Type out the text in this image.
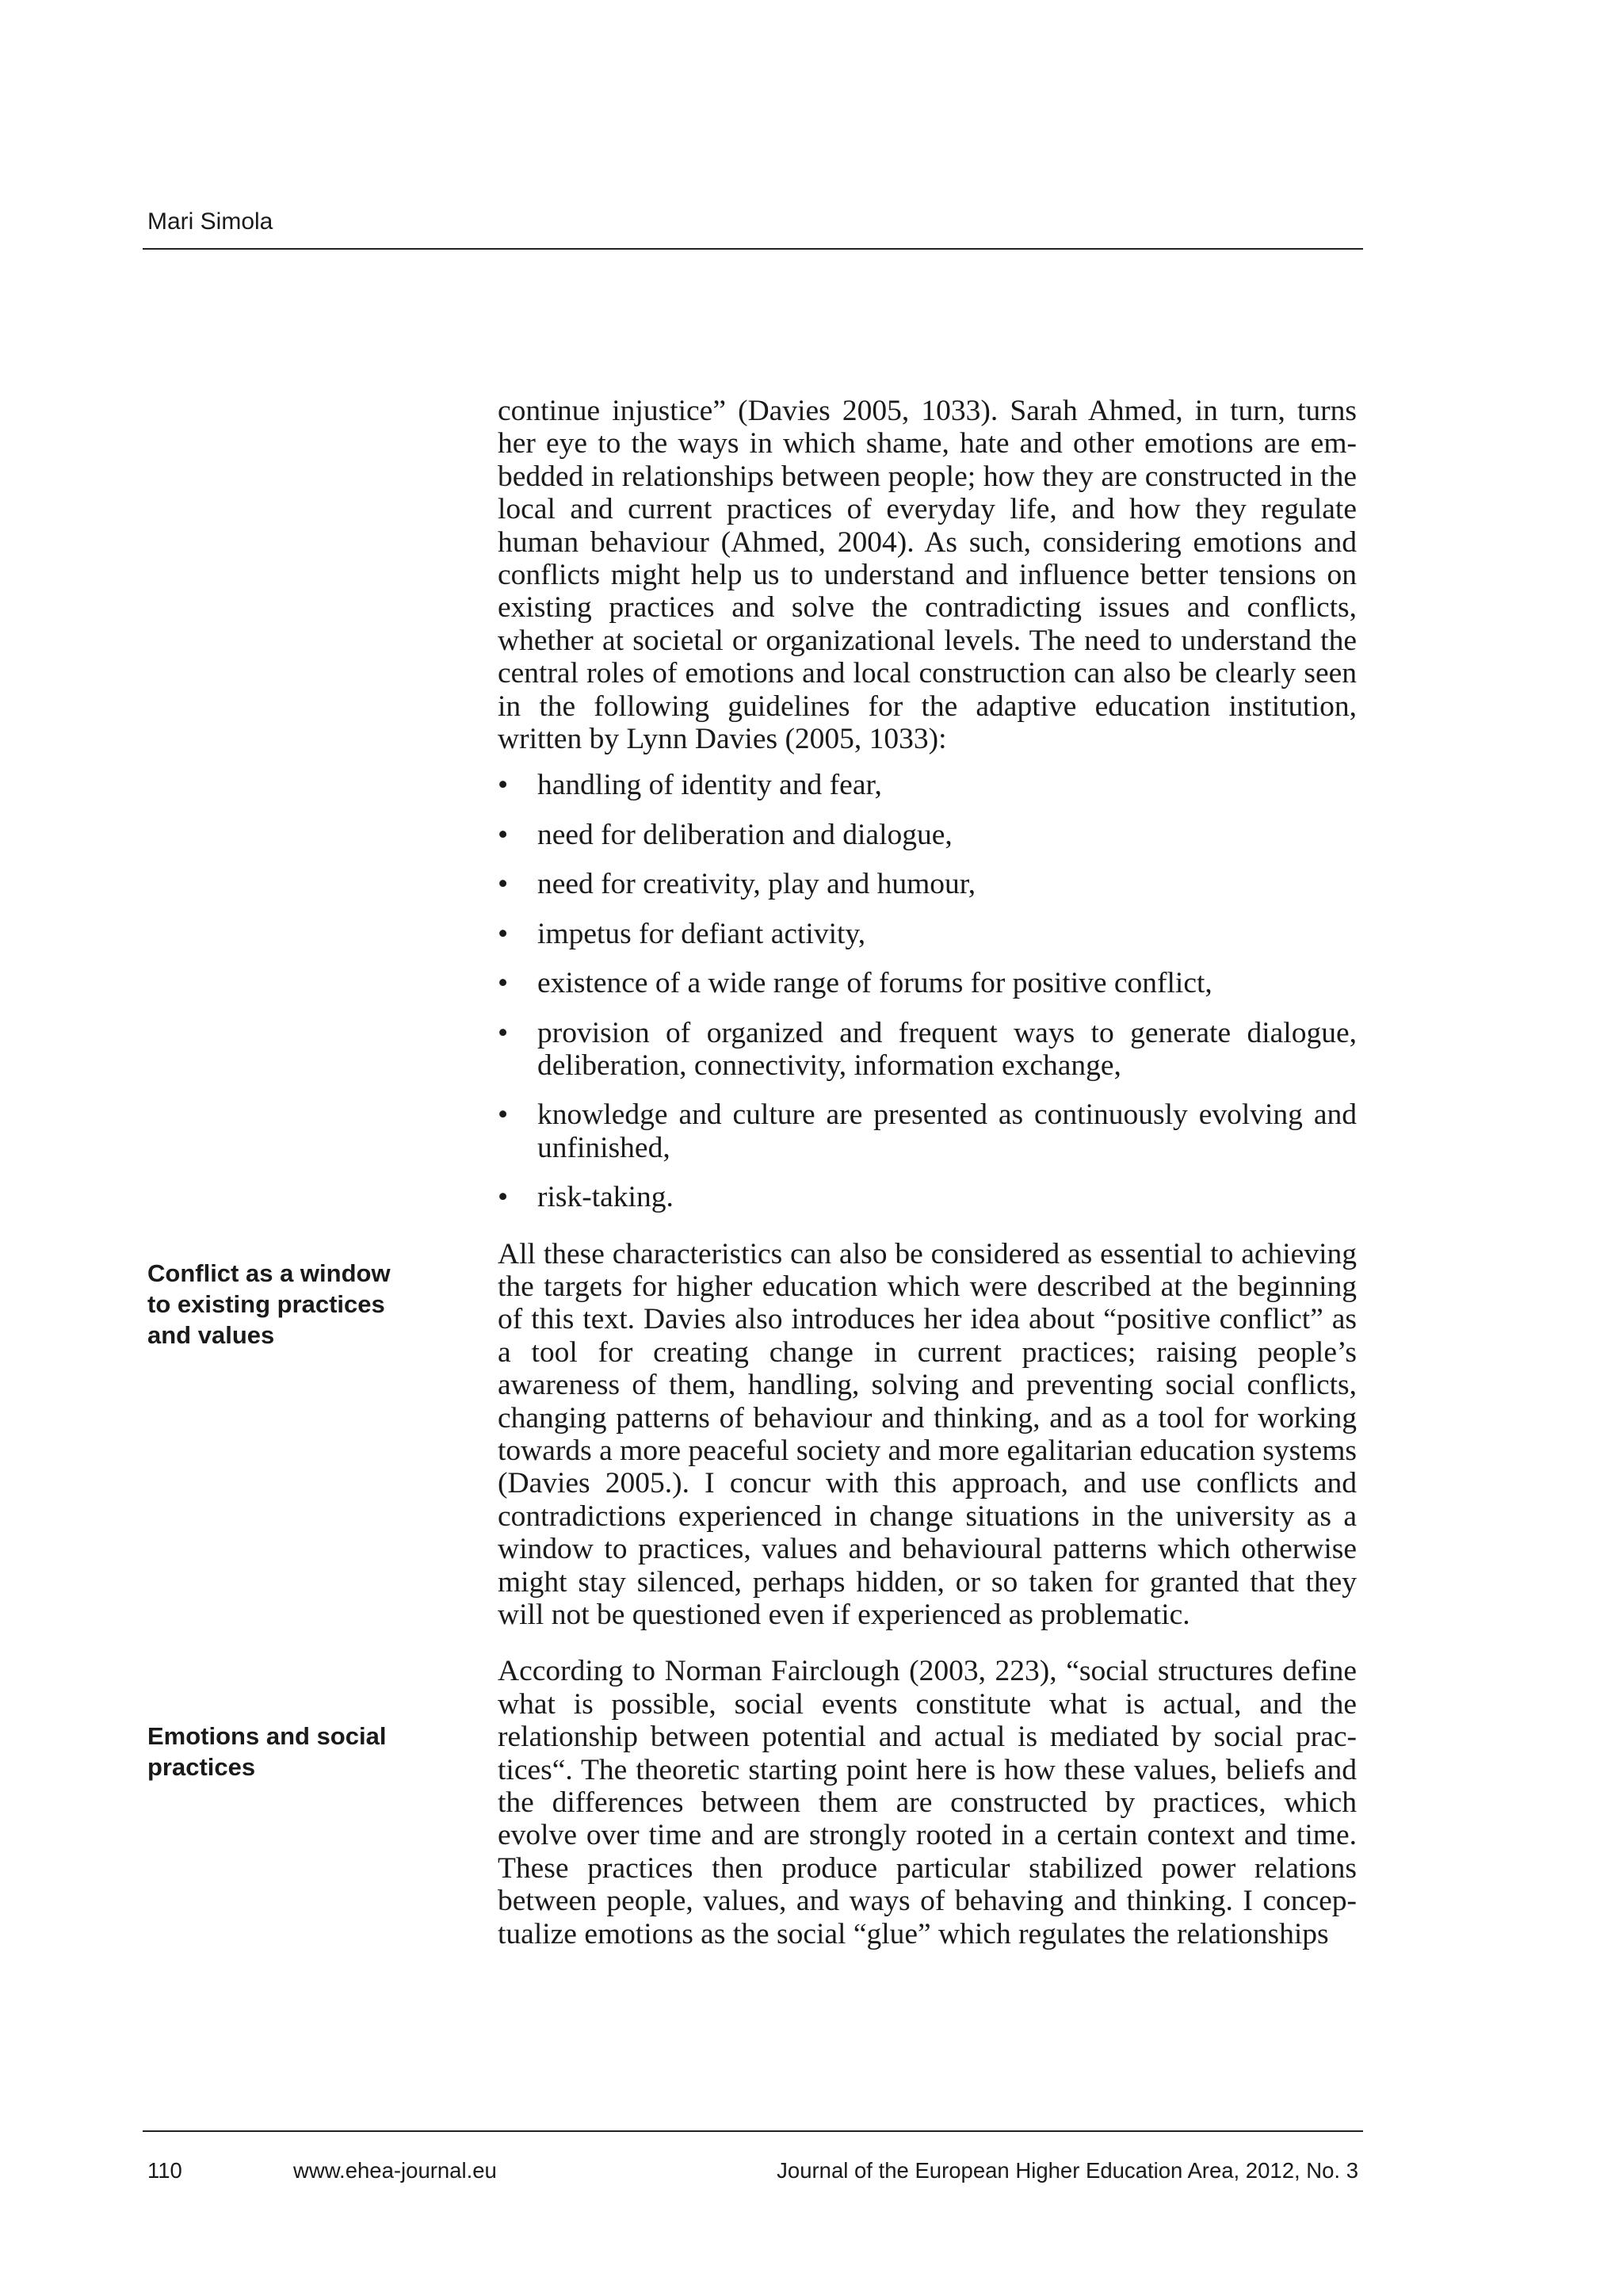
Mari Simola
Conflict as a window
to existing practices
and values
Emotions and social
practices

continue injustice” (Davies 2005, 1033). Sarah Ahmed, in turn, turns her eye to the ways in which shame, hate and other emotions are embedded in relationships between people; how they are constructed in the local and current practices of everyday life, and how they regulate human behaviour (Ahmed, 2004). As such, considering emotions and conflicts might help us to understand and influence better tensions on existing practices and solve the contradicting issues and conflicts, whether at societal or organizational levels. The need to understand the central roles of emotions and local construction can also be clearly seen in the following guidelines for the adaptive education institution, written by Lynn Davies (2005, 1033):

• handling of identity and fear,
• need for deliberation and dialogue,
• need for creativity, play and humour,
• impetus for defiant activity,
• existence of a wide range of forums for positive conflict,
• provision of organized and frequent ways to generate dialogue, deliberation, connectivity, information exchange,
• knowledge and culture are presented as continuously evolving and unfinished,
• risk-taking.

All these characteristics can also be considered as essential to achieving the targets for higher education which were described at the beginning of this text. Davies also introduces her idea about “positive conflict” as a tool for creating change in current practices; raising people’s awareness of them, handling, solving and preventing social conflicts, changing patterns of behaviour and thinking, and as a tool for working towards a more peaceful society and more egalitarian education systems (Davies 2005.). I concur with this approach, and use conflicts and contradictions experienced in change situations in the university as a window to practices, values and behavioural patterns which otherwise might stay silenced, perhaps hidden, or so taken for granted that they will not be questioned even if experienced as problematic.

According to Norman Fairclough (2003, 223), “social structures define what is possible, social events constitute what is actual, and the relationship between potential and actual is mediated by social practices“. The theoretic starting point here is how these values, beliefs and the differences between them are constructed by practices, which evolve over time and are strongly rooted in a certain context and time. These practices then produce particular stabilized power relations between people, values, and ways of behaving and thinking. I conceptualize emotions as the social “glue” which regulates the relationships

110	www.ehea-journal.eu	Journal of the European Higher Education Area, 2012, No. 3
